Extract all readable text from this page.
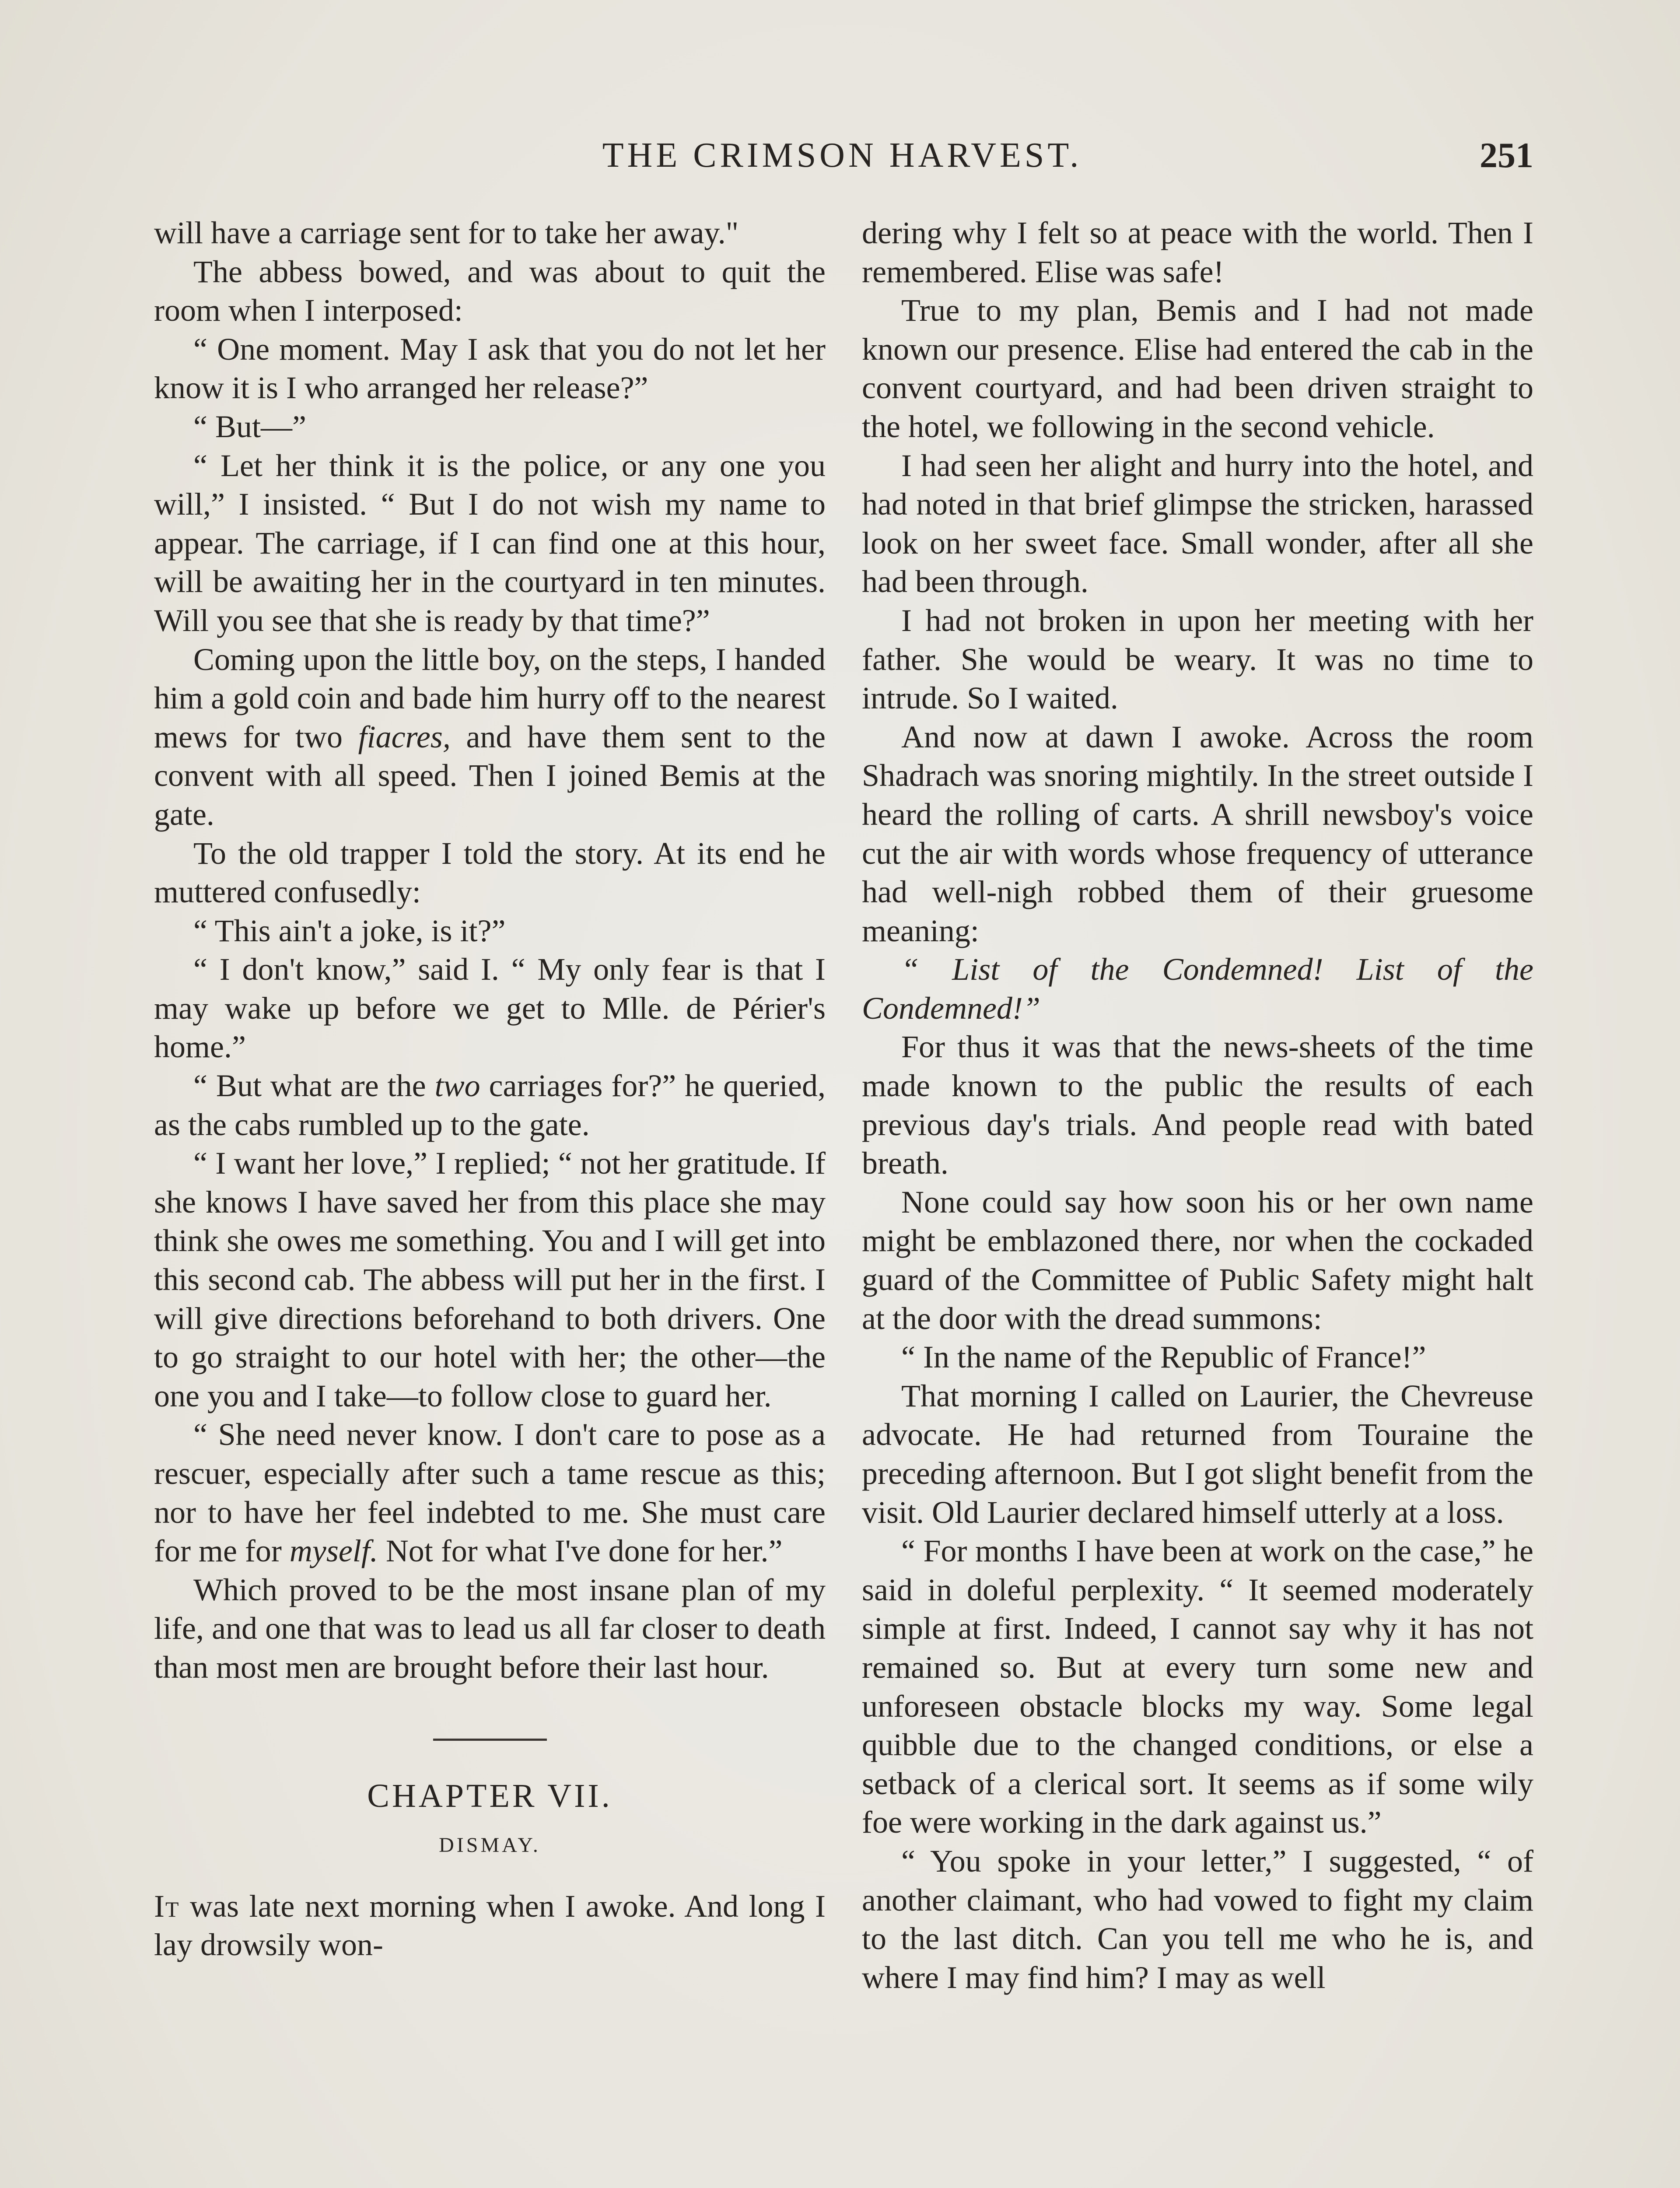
THE CRIMSON HARVEST.	251

will have a carriage sent for to take her away."

The abbess bowed, and was about to quit the room when I interposed:

“ One moment. May I ask that you do not let her know it is I who arranged her release?”

“ But—”

“ Let her think it is the police, or any one you will,” I insisted. “ But I do not wish my name to appear. The carriage, if I can find one at this hour, will be awaiting her in the courtyard in ten minutes. Will you see that she is ready by that time?”

Coming upon the little boy, on the steps, I handed him a gold coin and bade him hurry off to the nearest mews for two fiacres, and have them sent to the convent with all speed. Then I joined Bemis at the gate.

To the old trapper I told the story. At its end he muttered confusedly:

“ This ain't a joke, is it?”

“ I don't know,” said I. “ My only fear is that I may wake up before we get to Mlle. de Périer's home.”

“ But what are the two carriages for?” he queried, as the cabs rumbled up to the gate.

“ I want her love,” I replied; “ not her gratitude. If she knows I have saved her from this place she may think she owes me something. You and I will get into this second cab. The abbess will put her in the first. I will give directions beforehand to both drivers. One to go straight to our hotel with her; the other—the one you and I take—to follow close to guard her.

“ She need never know. I don't care to pose as a rescuer, especially after such a tame rescue as this; nor to have her feel indebted to me. She must care for me for myself. Not for what I've done for her.”

Which proved to be the most insane plan of my life, and one that was to lead us all far closer to death than most men are brought before their last hour.

CHAPTER VII.
DISMAY.

It was late next morning when I awoke. And long I lay drowsily won-

dering why I felt so at peace with the world. Then I remembered. Elise was safe!

True to my plan, Bemis and I had not made known our presence. Elise had entered the cab in the convent courtyard, and had been driven straight to the hotel, we following in the second vehicle.

I had seen her alight and hurry into the hotel, and had noted in that brief glimpse the stricken, harassed look on her sweet face. Small wonder, after all she had been through.

I had not broken in upon her meeting with her father. She would be weary. It was no time to intrude. So I waited.

And now at dawn I awoke. Across the room Shadrach was snoring mightily. In the street outside I heard the rolling of carts. A shrill newsboy's voice cut the air with words whose frequency of utterance had well-nigh robbed them of their gruesome meaning:

“ List of the Condemned! List of the Condemned!”

For thus it was that the news-sheets of the time made known to the public the results of each previous day's trials. And people read with bated breath.

None could say how soon his or her own name might be emblazoned there, nor when the cockaded guard of the Committee of Public Safety might halt at the door with the dread summons:

“ In the name of the Republic of France!”

That morning I called on Laurier, the Chevreuse advocate. He had returned from Touraine the preceding afternoon. But I got slight benefit from the visit. Old Laurier declared himself utterly at a loss.

“ For months I have been at work on the case,” he said in doleful perplexity. “ It seemed moderately simple at first. Indeed, I cannot say why it has not remained so. But at every turn some new and unforeseen obstacle blocks my way. Some legal quibble due to the changed conditions, or else a setback of a clerical sort. It seems as if some wily foe were working in the dark against us.”

“ You spoke in your letter,” I suggested, “ of another claimant, who had vowed to fight my claim to the last ditch. Can you tell me who he is, and where I may find him? I may as well
